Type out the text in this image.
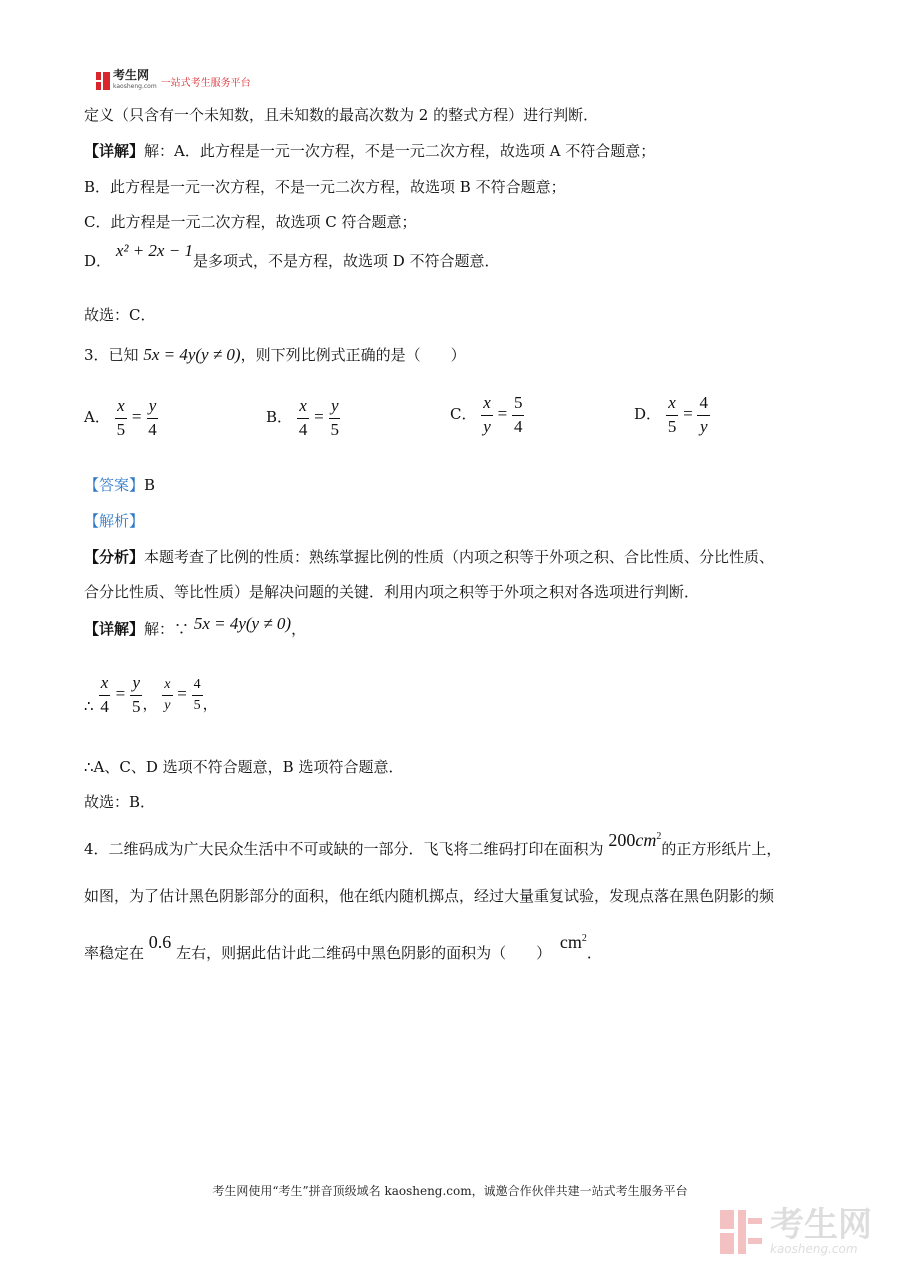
考生网
kaosheng.com 一站式考生服务平台
定义（只含有一个未知数，且未知数的最高次数为 2 的整式方程）进行判断．
【详解】解：A．此方程是一元一次方程，不是一元二次方程，故选项 A 不符合题意；
B．此方程是一元一次方程，不是一元二次方程，故选项 B 不符合题意；
C．此方程是一元二次方程，故选项 C 符合题意；
D． x² + 2x − 1是多项式，不是方程，故选项 D 不符合题意．
故选：C．
3．已知 5x = 4y(y ≠ 0)，则下列比例式正确的是（　　）
A． $\frac{x}{5} = \frac{y}{4}$	B． $\frac{x}{4} = \frac{y}{5}$	C． $\frac{x}{y} = \frac{5}{4}$	D． $\frac{x}{5} = \frac{4}{y}$
【答案】B
【解析】
【分析】本题考查了比例的性质：熟练掌握比例的性质（内项之积等于外项之积、合比性质、分比性质、
合分比性质、等比性质）是解决问题的关键．利用内项之积等于外项之积对各选项进行判断．
【详解】解：∵ 5x = 4y(y ≠ 0)，
∴ $\frac{x}{4} = \frac{y}{5}$ ， $\frac{x}{y} = \frac{4}{5}$ ，
∴A、C、D 选项不符合题意，B 选项符合题意．
故选：B．
4．二维码成为广大民众生活中不可或缺的一部分．飞飞将二维码打印在面积为 $200cm^2$的正方形纸片上，
如图，为了估计黑色阴影部分的面积，他在纸内随机掷点，经过大量重复试验，发现点落在黑色阴影的频
率稳定在 0.6 左右，则据此估计此二维码中黑色阴影的面积为（　　） $cm^2$．
考生网使用“考生”拼音顶级域名 kaosheng.com，诚邀合作伙伴共建一站式考生服务平台
考生网
kaosheng.com
